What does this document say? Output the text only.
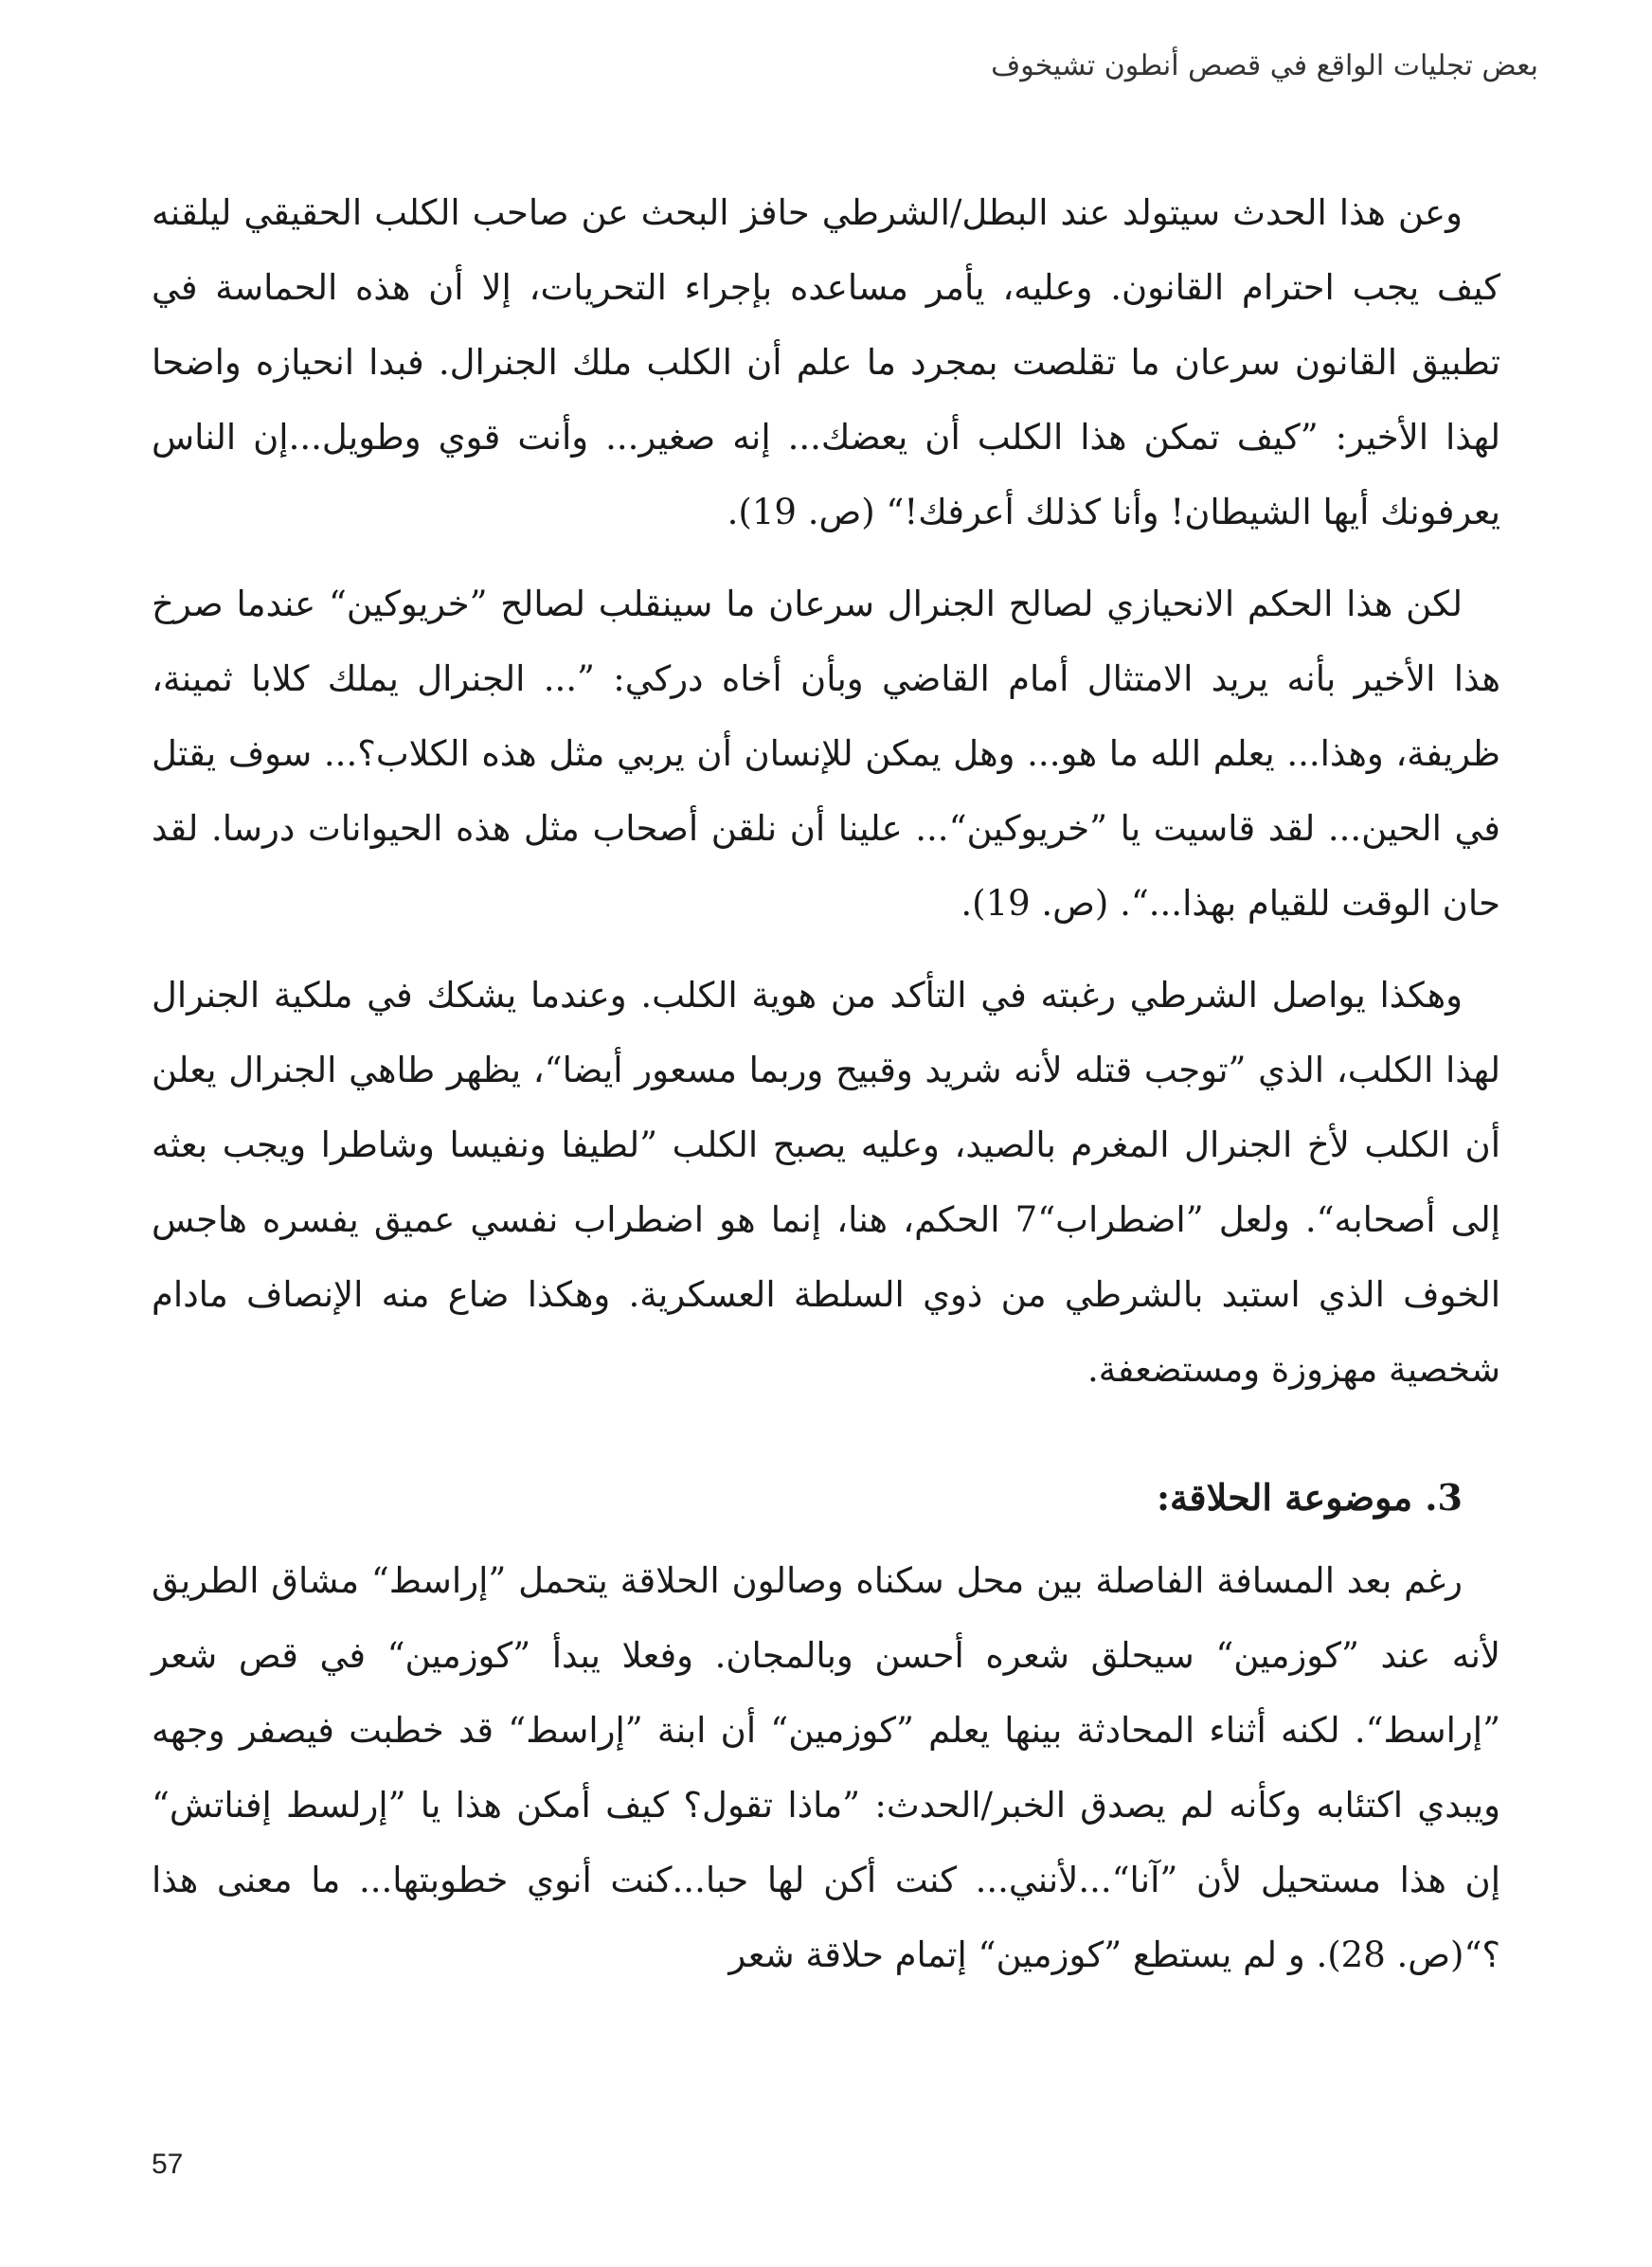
بعض تجليات الواقع في قصص أنطون تشيخوف

وعن هذا الحدث سيتولد عند البطل/الشرطي حافز البحث عن صاحب الكلب الحقيقي ليلقنه كيف يجب احترام القانون. وعليه، يأمر مساعده بإجراء التحريات، إلا أن هذه الحماسة في تطبيق القانون سرعان ما تقلصت بمجرد ما علم أن الكلب ملك الجنرال. فبدا انحيازه واضحا لهذا الأخير: ”كيف تمكن هذا الكلب أن يعضك... إنه صغير... وأنت قوي وطويل...إن الناس يعرفونك أيها الشيطان! وأنا كذلك أعرفك!“ (ص. 19).

لكن هذا الحكم الانحيازي لصالح الجنرال سرعان ما سينقلب لصالح ”خريوكين“ عندما صرخ هذا الأخير بأنه يريد الامتثال أمام القاضي وبأن أخاه دركي: ”... الجنرال يملك كلابا ثمينة، ظريفة، وهذا... يعلم الله ما هو... وهل يمكن للإنسان أن يربي مثل هذه الكلاب؟... سوف يقتل في الحين... لقد قاسيت يا ”خريوكين“... علينا أن نلقن أصحاب مثل هذه الحيوانات درسا. لقد حان الوقت للقيام بهذا...“. (ص. 19).

وهكذا يواصل الشرطي رغبته في التأكد من هوية الكلب. وعندما يشكك في ملكية الجنرال لهذا الكلب، الذي ”توجب قتله لأنه شريد وقبيح وربما مسعور أيضا“، يظهر طاهي الجنرال يعلن أن الكلب لأخ الجنرال المغرم بالصيد، وعليه يصبح الكلب ”لطيفا ونفيسا وشاطرا ويجب بعثه إلى أصحابه“. ولعل ”اضطراب“7 الحكم، هنا، إنما هو اضطراب نفسي عميق يفسره هاجس الخوف الذي استبد بالشرطي من ذوي السلطة العسكرية. وهكذا ضاع منه الإنصاف مادام شخصية مهزوزة ومستضعفة.

3. موضوعة الحلاقة:

رغم بعد المسافة الفاصلة بين محل سكناه وصالون الحلاقة يتحمل ”إراسط“ مشاق الطريق لأنه عند ”كوزمين“ سيحلق شعره أحسن وبالمجان. وفعلا يبدأ ”كوزمين“ في قص شعر ”إراسط“. لكنه أثناء المحادثة بينها يعلم ”كوزمين“ أن ابنة ”إراسط“ قد خطبت فيصفر وجهه ويبدي اكتئابه وكأنه لم يصدق الخبر/الحدث: ”ماذا تقول؟ كيف أمكن هذا يا ”إرلسط إفناتش“ إن هذا مستحيل لأن ”آنا“...لأنني... كنت أكن لها حبا...كنت أنوي خطوبتها... ما معنى هذا ؟“(ص. 28). و لم يستطع ”كوزمين“ إتمام حلاقة شعر

57
